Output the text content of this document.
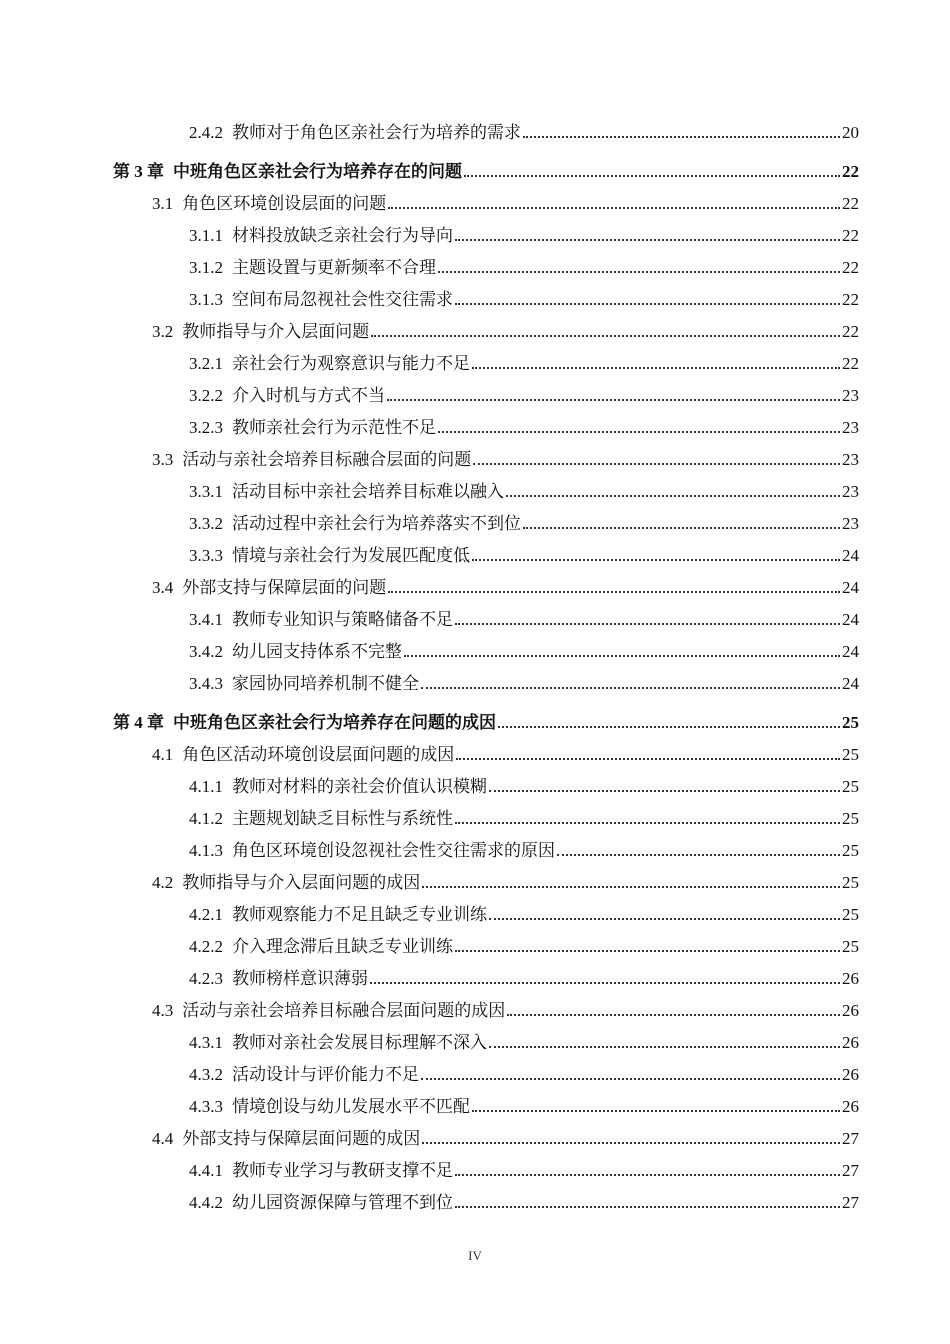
2.4.2 教师对于角色区亲社会行为培养的需求	20
第 3 章 中班角色区亲社会行为培养存在的问题	22
3.1 角色区环境创设层面的问题	22
3.1.1 材料投放缺乏亲社会行为导向	22
3.1.2 主题设置与更新频率不合理	22
3.1.3 空间布局忽视社会性交往需求	22
3.2 教师指导与介入层面问题	22
3.2.1 亲社会行为观察意识与能力不足	22
3.2.2 介入时机与方式不当	23
3.2.3 教师亲社会行为示范性不足	23
3.3 活动与亲社会培养目标融合层面的问题	23
3.3.1 活动目标中亲社会培养目标难以融入	23
3.3.2 活动过程中亲社会行为培养落实不到位	23
3.3.3 情境与亲社会行为发展匹配度低	24
3.4 外部支持与保障层面的问题	24
3.4.1 教师专业知识与策略储备不足	24
3.4.2 幼儿园支持体系不完整	24
3.4.3 家园协同培养机制不健全	24
第 4 章 中班角色区亲社会行为培养存在问题的成因	25
4.1 角色区活动环境创设层面问题的成因	25
4.1.1 教师对材料的亲社会价值认识模糊	25
4.1.2 主题规划缺乏目标性与系统性	25
4.1.3 角色区环境创设忽视社会性交往需求的原因	25
4.2 教师指导与介入层面问题的成因	25
4.2.1 教师观察能力不足且缺乏专业训练	25
4.2.2 介入理念滞后且缺乏专业训练	25
4.2.3 教师榜样意识薄弱	26
4.3 活动与亲社会培养目标融合层面问题的成因	26
4.3.1 教师对亲社会发展目标理解不深入	26
4.3.2 活动设计与评价能力不足	26
4.3.3 情境创设与幼儿发展水平不匹配	26
4.4 外部支持与保障层面问题的成因	27
4.4.1 教师专业学习与教研支撑不足	27
4.4.2 幼儿园资源保障与管理不到位	27
IV
